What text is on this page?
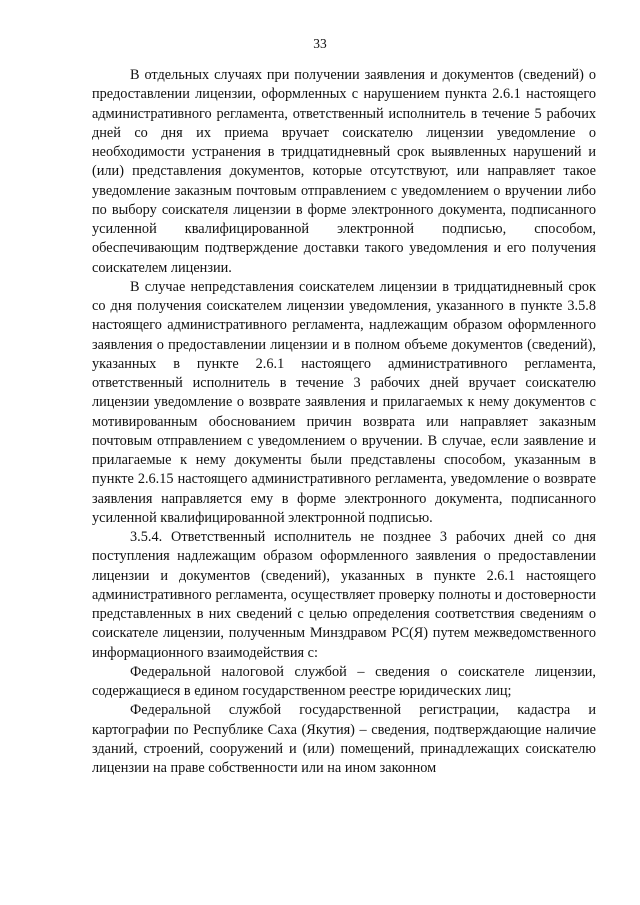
33

В отдельных случаях при получении заявления и документов (сведений) о предоставлении лицензии, оформленных с нарушением пункта 2.6.1 настоящего административного регламента, ответственный исполнитель в течение 5 рабочих дней со дня их приема вручает соискателю лицензии уведомление о необходимости устранения в тридцатидневный срок выявленных нарушений и (или) представления документов, которые отсутствуют, или направляет такое уведомление заказным почтовым отправлением с уведомлением о вручении либо по выбору соискателя лицензии в форме электронного документа, подписанного усиленной квалифицированной электронной подписью, способом, обеспечивающим подтверждение доставки такого уведомления и его получения соискателем лицензии.

В случае непредставления соискателем лицензии в тридцатидневный срок со дня получения соискателем лицензии уведомления, указанного в пункте 3.5.8 настоящего административного регламента, надлежащим образом оформленного заявления о предоставлении лицензии и в полном объеме документов (сведений), указанных в пункте 2.6.1 настоящего административного регламента, ответственный исполнитель в течение 3 рабочих дней вручает соискателю лицензии уведомление о возврате заявления и прилагаемых к нему документов с мотивированным обоснованием причин возврата или направляет заказным почтовым отправлением с уведомлением о вручении. В случае, если заявление и прилагаемые к нему документы были представлены способом, указанным в пункте 2.6.15 настоящего административного регламента, уведомление о возврате заявления направляется ему в форме электронного документа, подписанного усиленной квалифицированной электронной подписью.

3.5.4. Ответственный исполнитель не позднее 3 рабочих дней со дня поступления надлежащим образом оформленного заявления о предоставлении лицензии и документов (сведений), указанных в пункте 2.6.1 настоящего административного регламента, осуществляет проверку полноты и достоверности представленных в них сведений с целью определения соответствия сведениям о соискателе лицензии, полученным Минздравом РС(Я) путем межведомственного информационного взаимодействия с:

Федеральной налоговой службой – сведения о соискателе лицензии, содержащиеся в едином государственном реестре юридических лиц;

Федеральной службой государственной регистрации, кадастра и картографии по Республике Саха (Якутия) – сведения, подтверждающие наличие зданий, строений, сооружений и (или) помещений, принадлежащих соискателю лицензии на праве собственности или на ином законном
